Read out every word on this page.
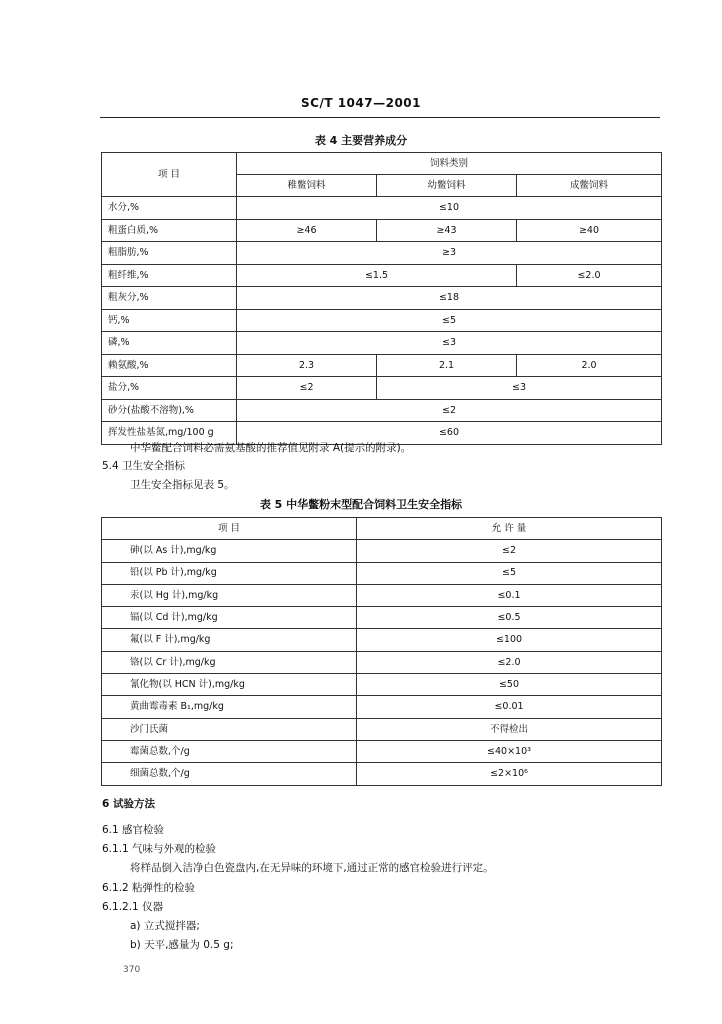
SC/T 1047—2001
表 4 主要营养成分
项 目	饲料类别		
	稚鳖饲料	幼鳖饲料	成鳖饲料
水分,%	≤10		
粗蛋白质,%	≥46	≥43	≥40
粗脂肪,%	≥3		
粗纤维,%	≤1.5		≤2.0
粗灰分,%	≤18		
钙,%	≤5		
磷,%	≤3		
赖氨酸,%	2.3	2.1	2.0
盐分,%	≤2	≤3	
砂分(盐酸不溶物),%	≤2		
挥发性盐基氮,mg/100 g	≤60		
中华鳖配合饲料必需氨基酸的推荐值见附录 A(提示的附录)。
5.4 卫生安全指标
卫生安全指标见表 5。
表 5 中华鳖粉末型配合饲料卫生安全指标
项 目	允 许 量
砷(以 As 计),mg/kg	≤2
铅(以 Pb 计),mg/kg	≤5
汞(以 Hg 计),mg/kg	≤0.1
镉(以 Cd 计),mg/kg	≤0.5
氟(以 F 计),mg/kg	≤100
铬(以 Cr 计),mg/kg	≤2.0
氰化物(以 HCN 计),mg/kg	≤50
黄曲霉毒素 B₁,mg/kg	≤0.01
沙门氏菌	不得检出
霉菌总数,个/g	≤40×10³
细菌总数,个/g	≤2×10⁶
6 试验方法
6.1 感官检验
6.1.1 气味与外观的检验
将样品倒入洁净白色瓷盘内,在无异味的环境下,通过正常的感官检验进行评定。
6.1.2 粘弹性的检验
6.1.2.1 仪器
a) 立式搅拌器;
b) 天平,感量为 0.5 g;
370
